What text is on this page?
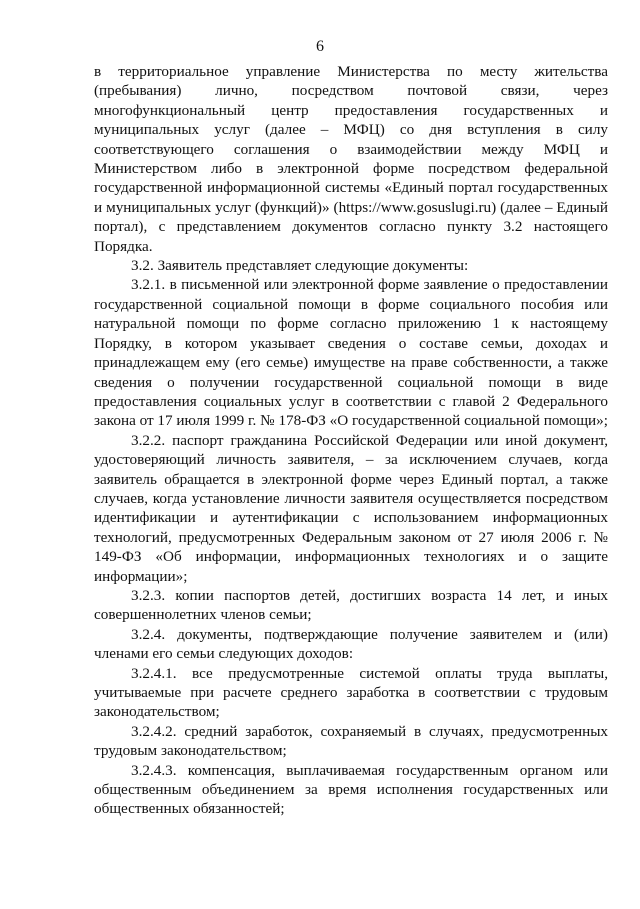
6

в территориальное управление Министерства по месту жительства (пребывания) лично, посредством почтовой связи, через многофункциональный центр предоставления государственных и муниципальных услуг (далее – МФЦ) со дня вступления в силу соответствующего соглашения о взаимодействии между МФЦ и Министерством либо в электронной форме посредством федеральной государственной информационной системы «Единый портал государственных и муниципальных услуг (функций)» (https://www.gosuslugi.ru) (далее – Единый портал), с представлением документов согласно пункту 3.2 настоящего Порядка.

3.2. Заявитель представляет следующие документы:

3.2.1. в письменной или электронной форме заявление о предоставлении государственной социальной помощи в форме социального пособия или натуральной помощи по форме согласно приложению 1 к настоящему Порядку, в котором указывает сведения о составе семьи, доходах и принадлежащем ему (его семье) имуществе на праве собственности, а также сведения о получении государственной социальной помощи в виде предоставления социальных услуг в соответствии с главой 2 Федерального закона от 17 июля 1999 г. № 178-ФЗ «О государственной социальной помощи»;

3.2.2. паспорт гражданина Российской Федерации или иной документ, удостоверяющий личность заявителя, – за исключением случаев, когда заявитель обращается в электронной форме через Единый портал, а также случаев, когда установление личности заявителя осуществляется посредством идентификации и аутентификации с использованием информационных технологий, предусмотренных Федеральным законом от 27 июля 2006 г. № 149-ФЗ «Об информации, информационных технологиях и о защите информации»;

3.2.3. копии паспортов детей, достигших возраста 14 лет, и иных совершеннолетних членов семьи;

3.2.4. документы, подтверждающие получение заявителем и (или) членами его семьи следующих доходов:

3.2.4.1. все предусмотренные системой оплаты труда выплаты, учитываемые при расчете среднего заработка в соответствии с трудовым законодательством;

3.2.4.2. средний заработок, сохраняемый в случаях, предусмотренных трудовым законодательством;

3.2.4.3. компенсация, выплачиваемая государственным органом или общественным объединением за время исполнения государственных или общественных обязанностей;
